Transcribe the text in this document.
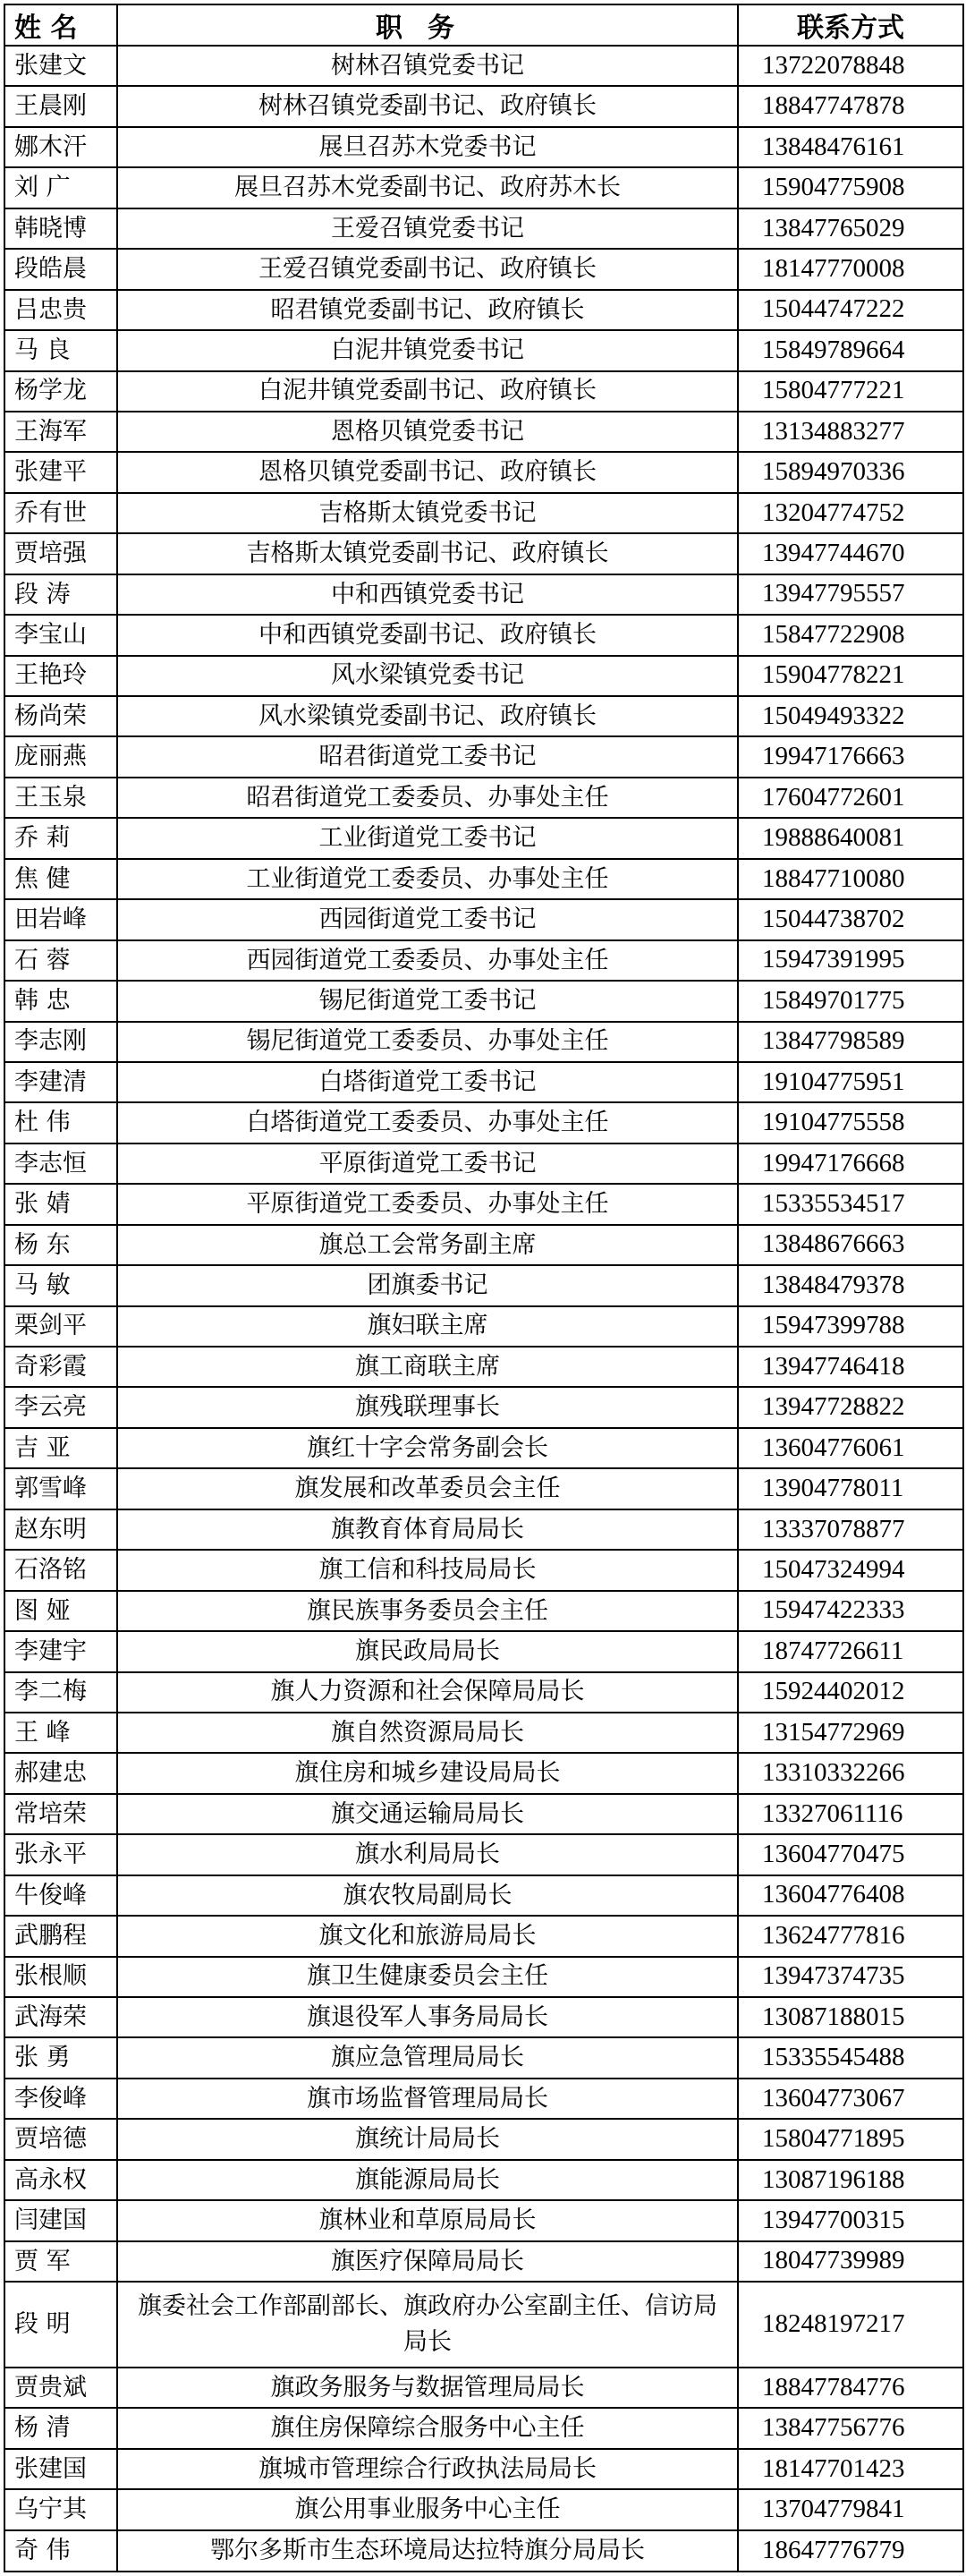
姓 名	职务	联系方式
张建文	树林召镇党委书记	13722078848
王晨刚	树林召镇党委副书记、政府镇长	18847747878
娜木汗	展旦召苏木党委书记	13848476161
刘 广	展旦召苏木党委副书记、政府苏木长	15904775908
韩晓博	王爱召镇党委书记	13847765029
段皓晨	王爱召镇党委副书记、政府镇长	18147770008
吕忠贵	昭君镇党委副书记、政府镇长	15044747222
马 良	白泥井镇党委书记	15849789664
杨学龙	白泥井镇党委副书记、政府镇长	15804777221
王海军	恩格贝镇党委书记	13134883277
张建平	恩格贝镇党委副书记、政府镇长	15894970336
乔有世	吉格斯太镇党委书记	13204774752
贾培强	吉格斯太镇党委副书记、政府镇长	13947744670
段 涛	中和西镇党委书记	13947795557
李宝山	中和西镇党委副书记、政府镇长	15847722908
王艳玲	风水梁镇党委书记	15904778221
杨尚荣	风水梁镇党委副书记、政府镇长	15049493322
庞丽燕	昭君街道党工委书记	19947176663
王玉泉	昭君街道党工委委员、办事处主任	17604772601
乔 莉	工业街道党工委书记	19888640081
焦 健	工业街道党工委委员、办事处主任	18847710080
田岩峰	西园街道党工委书记	15044738702
石 蓉	西园街道党工委委员、办事处主任	15947391995
韩 忠	锡尼街道党工委书记	15849701775
李志刚	锡尼街道党工委委员、办事处主任	13847798589
李建清	白塔街道党工委书记	19104775951
杜 伟	白塔街道党工委委员、办事处主任	19104775558
李志恒	平原街道党工委书记	19947176668
张 婧	平原街道党工委委员、办事处主任	15335534517
杨 东	旗总工会常务副主席	13848676663
马 敏	团旗委书记	13848479378
栗剑平	旗妇联主席	15947399788
奇彩霞	旗工商联主席	13947746418
李云亮	旗残联理事长	13947728822
吉 亚	旗红十字会常务副会长	13604776061
郭雪峰	旗发展和改革委员会主任	13904778011
赵东明	旗教育体育局局长	13337078877
石洛铭	旗工信和科技局局长	15047324994
图 娅	旗民族事务委员会主任	15947422333
李建宇	旗民政局局长	18747726611
李二梅	旗人力资源和社会保障局局长	15924402012
王 峰	旗自然资源局局长	13154772969
郝建忠	旗住房和城乡建设局局长	13310332266
常培荣	旗交通运输局局长	13327061116
张永平	旗水利局局长	13604770475
牛俊峰	旗农牧局副局长	13604776408
武鹏程	旗文化和旅游局局长	13624777816
张根顺	旗卫生健康委员会主任	13947374735
武海荣	旗退役军人事务局局长	13087188015
张 勇	旗应急管理局局长	15335545488
李俊峰	旗市场监督管理局局长	13604773067
贾培德	旗统计局局长	15804771895
高永权	旗能源局局长	13087196188
闫建国	旗林业和草原局局长	13947700315
贾 军	旗医疗保障局局长	18047739989
段 明	旗委社会工作部副部长、旗政府办公室副主任、信访局局长	18248197217
贾贵斌	旗政务服务与数据管理局局长	18847784776
杨 清	旗住房保障综合服务中心主任	13847756776
张建国	旗城市管理综合行政执法局局长	18147701423
乌宁其	旗公用事业服务中心主任	13704779841
奇 伟	鄂尔多斯市生态环境局达拉特旗分局局长	18647776779
